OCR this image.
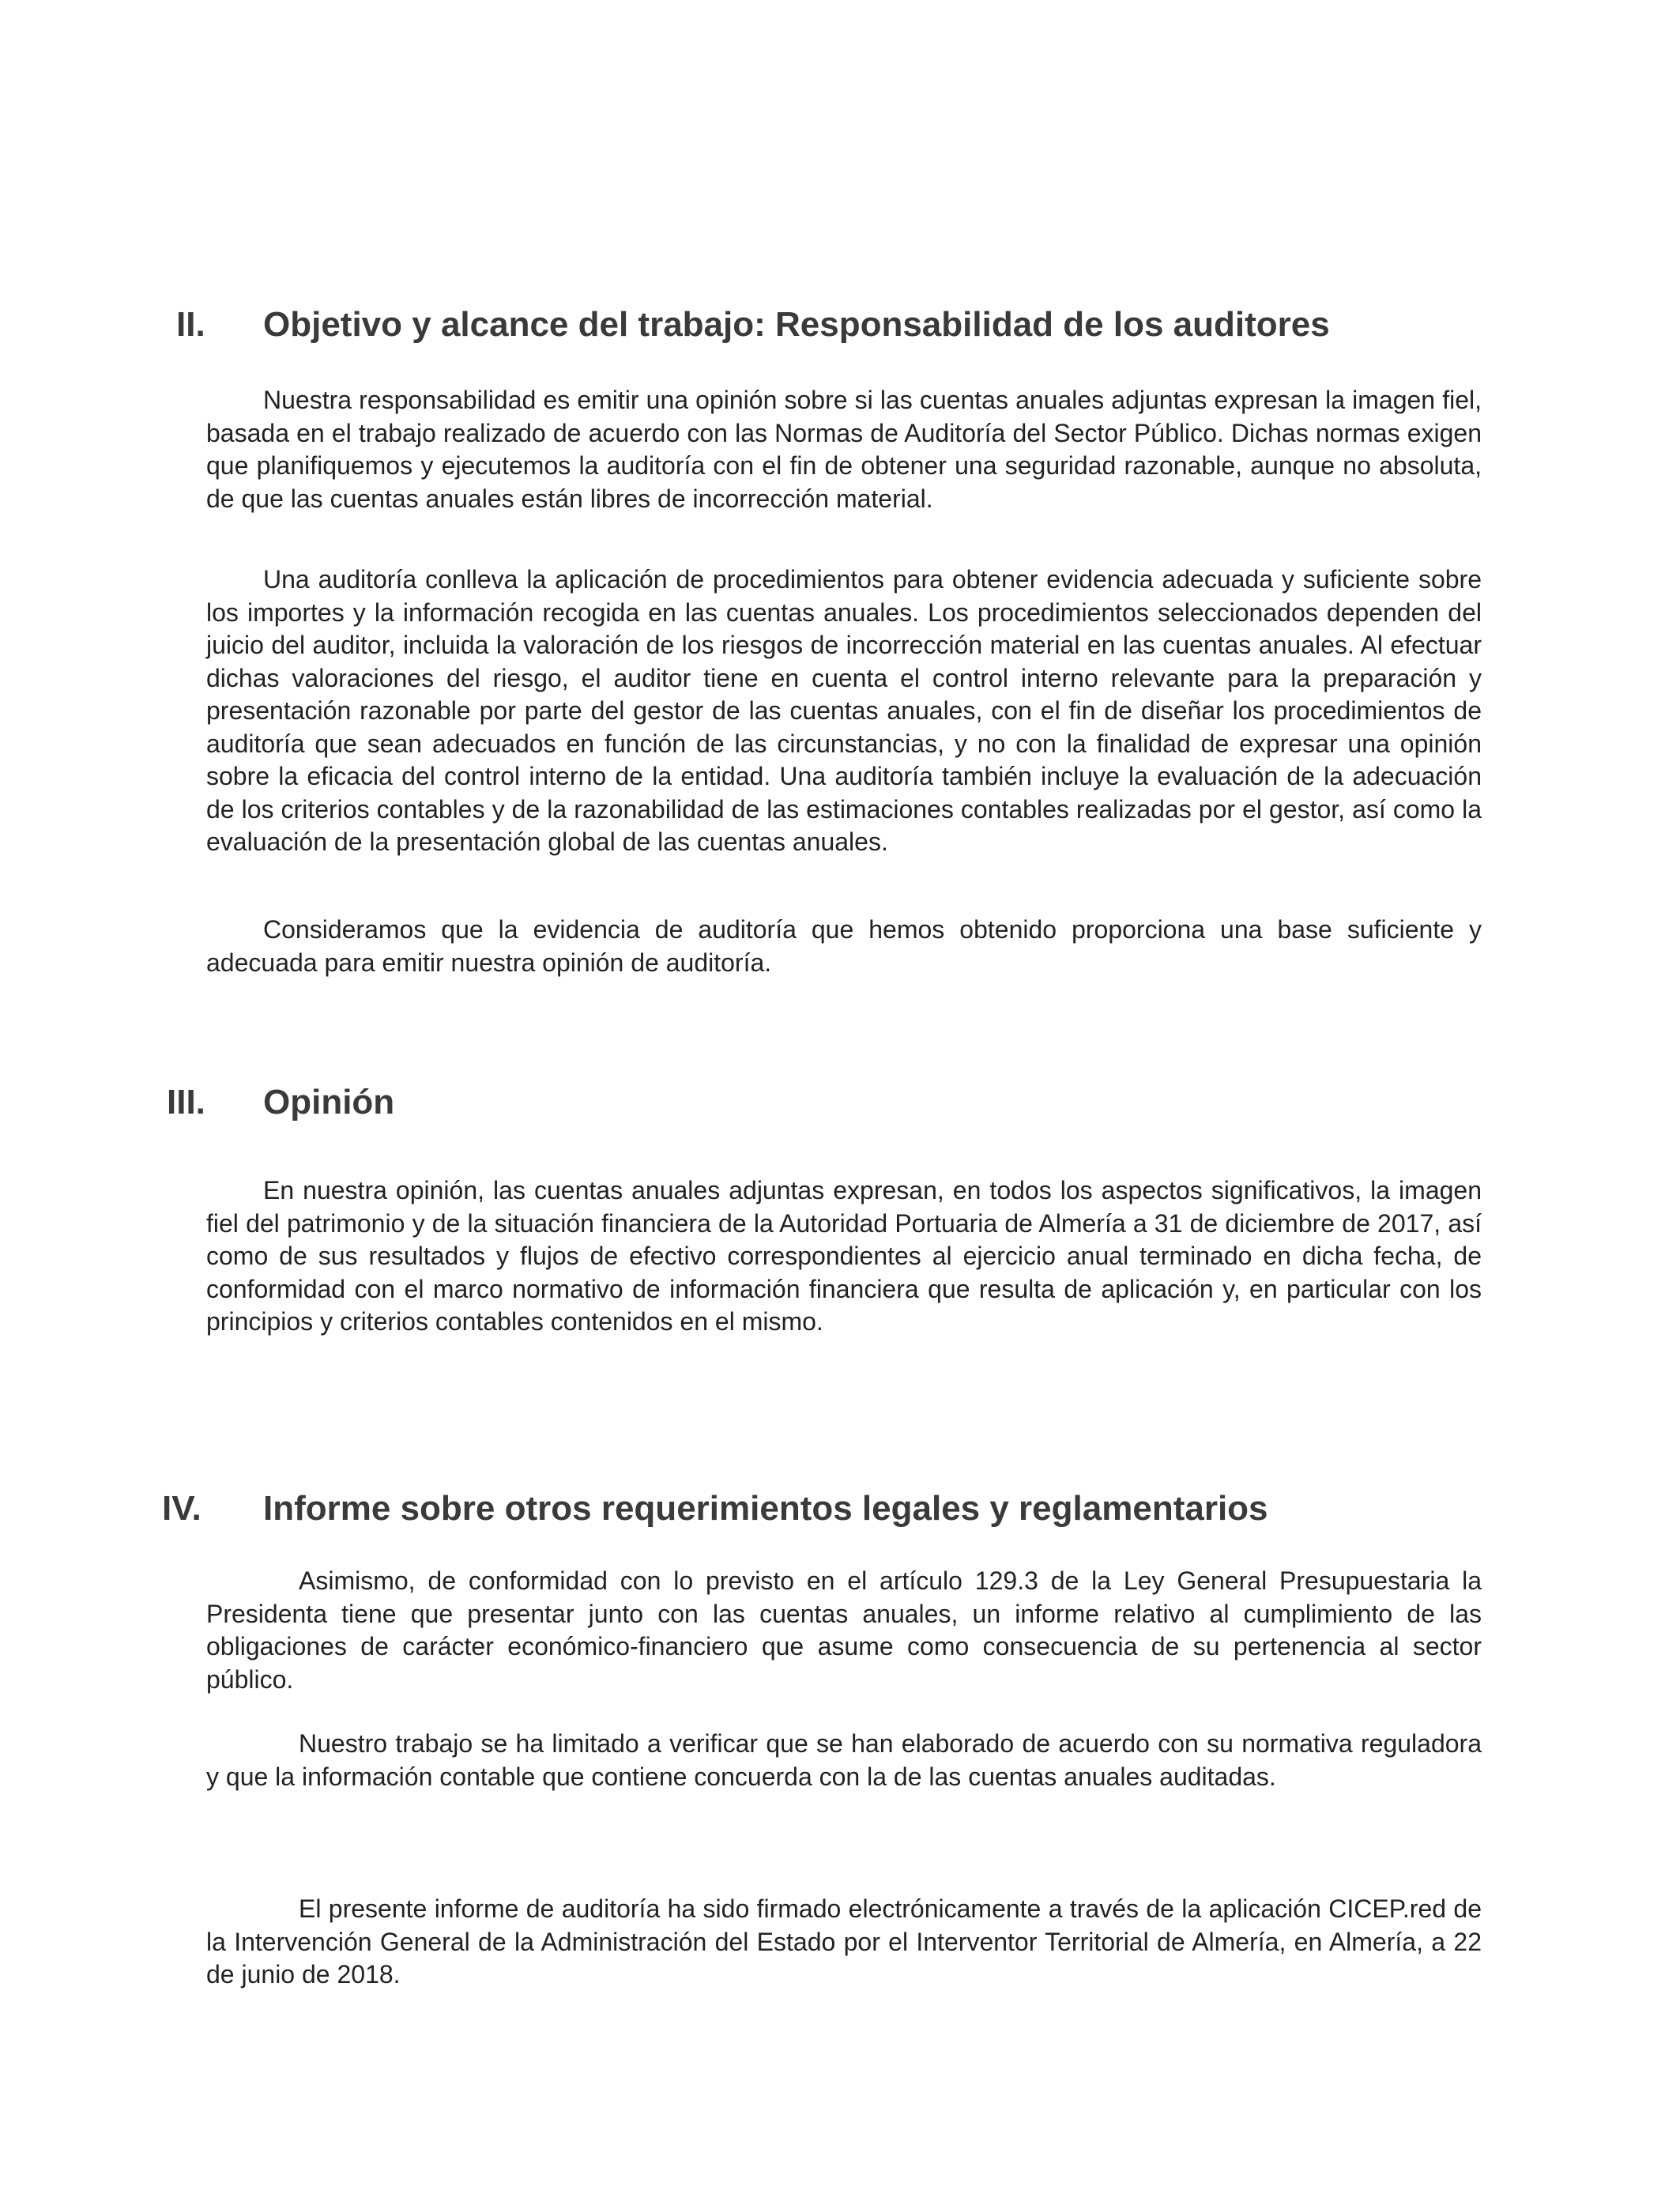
II. Objetivo y alcance del trabajo: Responsabilidad de los auditores

Nuestra responsabilidad es emitir una opinión sobre si las cuentas anuales adjuntas expresan la imagen fiel, basada en el trabajo realizado de acuerdo con las Normas de Auditoría del Sector Público. Dichas normas exigen que planifiquemos y ejecutemos la auditoría con el fin de obtener una seguridad razonable, aunque no absoluta, de que las cuentas anuales están libres de incorrección material.

Una auditoría conlleva la aplicación de procedimientos para obtener evidencia adecuada y suficiente sobre los importes y la información recogida en las cuentas anuales. Los procedimientos seleccionados dependen del juicio del auditor, incluida la valoración de los riesgos de incorrección material en las cuentas anuales. Al efectuar dichas valoraciones del riesgo, el auditor tiene en cuenta el control interno relevante para la preparación y presentación razonable por parte del gestor de las cuentas anuales, con el fin de diseñar los procedimientos de auditoría que sean adecuados en función de las circunstancias, y no con la finalidad de expresar una opinión sobre la eficacia del control interno de la entidad. Una auditoría también incluye la evaluación de la adecuación de los criterios contables y de la razonabilidad de las estimaciones contables realizadas por el gestor, así como la evaluación de la presentación global de las cuentas anuales.

Consideramos que la evidencia de auditoría que hemos obtenido proporciona una base suficiente y adecuada para emitir nuestra opinión de auditoría.

III. Opinión

En nuestra opinión, las cuentas anuales adjuntas expresan, en todos los aspectos significativos, la imagen fiel del patrimonio y de la situación financiera de la Autoridad Portuaria de Almería a 31 de diciembre de 2017, así como de sus resultados y flujos de efectivo correspondientes al ejercicio anual terminado en dicha fecha, de conformidad con el marco normativo de información financiera que resulta de aplicación y, en particular con los principios y criterios contables contenidos en el mismo.

IV. Informe sobre otros requerimientos legales y reglamentarios

Asimismo, de conformidad con lo previsto en el artículo 129.3 de la Ley General Presupuestaria la Presidenta tiene que presentar junto con las cuentas anuales, un informe relativo al cumplimiento de las obligaciones de carácter económico-financiero que asume como consecuencia de su pertenencia al sector público.

Nuestro trabajo se ha limitado a verificar que se han elaborado de acuerdo con su normativa reguladora y que la información contable que contiene concuerda con la de las cuentas anuales auditadas.

El presente informe de auditoría ha sido firmado electrónicamente a través de la aplicación CICEP.red de la Intervención General de la Administración del Estado por el Interventor Territorial de Almería, en Almería, a 22 de junio de 2018.
